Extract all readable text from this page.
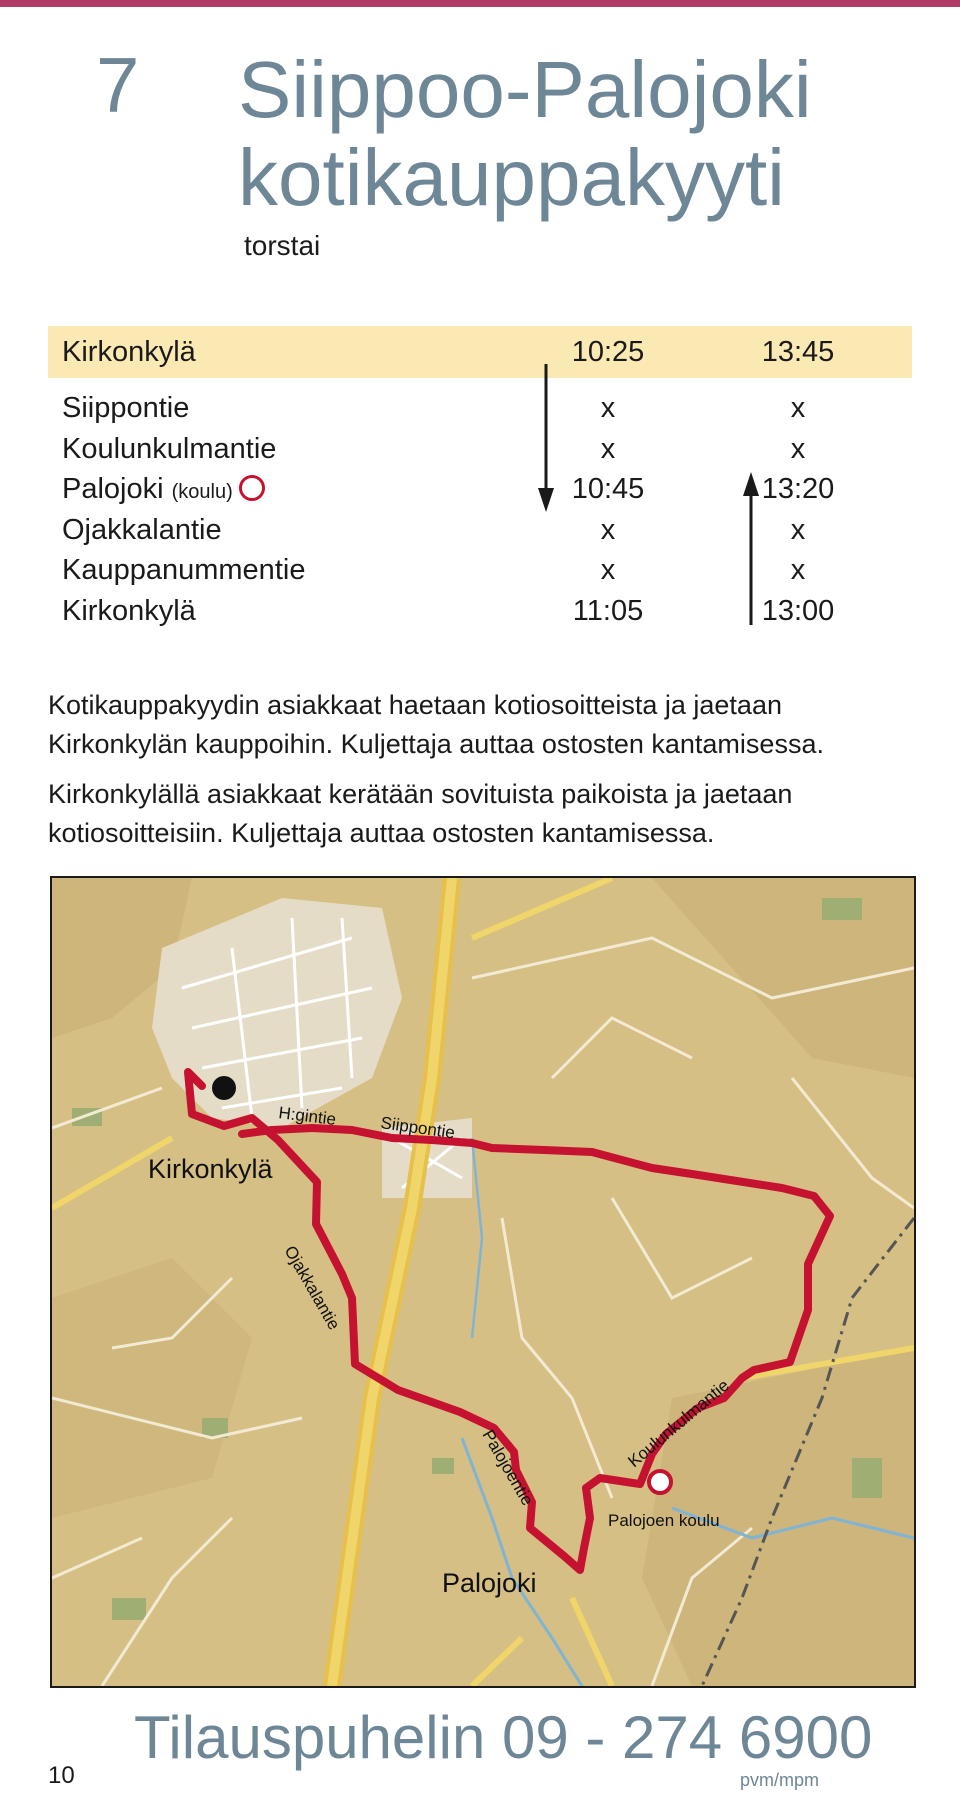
7 Siippoo-Palojoki
kotikauppakyyti
torstai
Kirkonkylä	10:25	13:45
Siippontie	x	x
Koulunkulmantie	x	x
Palojoki (koulu)	10:45	13:20
Ojakkalantie	x	x
Kauppanummentie	x	x
Kirkonkylä	11:05	13:00
Kotikauppakyydin asiakkaat haetaan kotiosoitteista ja jaetaan Kirkonkylän kauppoihin. Kuljettaja auttaa ostosten kantamisessa.
Kirkonkylällä asiakkaat kerätään sovituista paikoista ja jaetaan kotiosoitteisiin. Kuljettaja auttaa ostosten kantamisessa.
Kirkonkylä
H:gintie Siippontie
Ojakkalantie
Palojoentie	Koulunkulmantie
Palojoen koulu
Palojoki
10
Tilauspuhelin 09 - 274 6900
pvm/mpm
